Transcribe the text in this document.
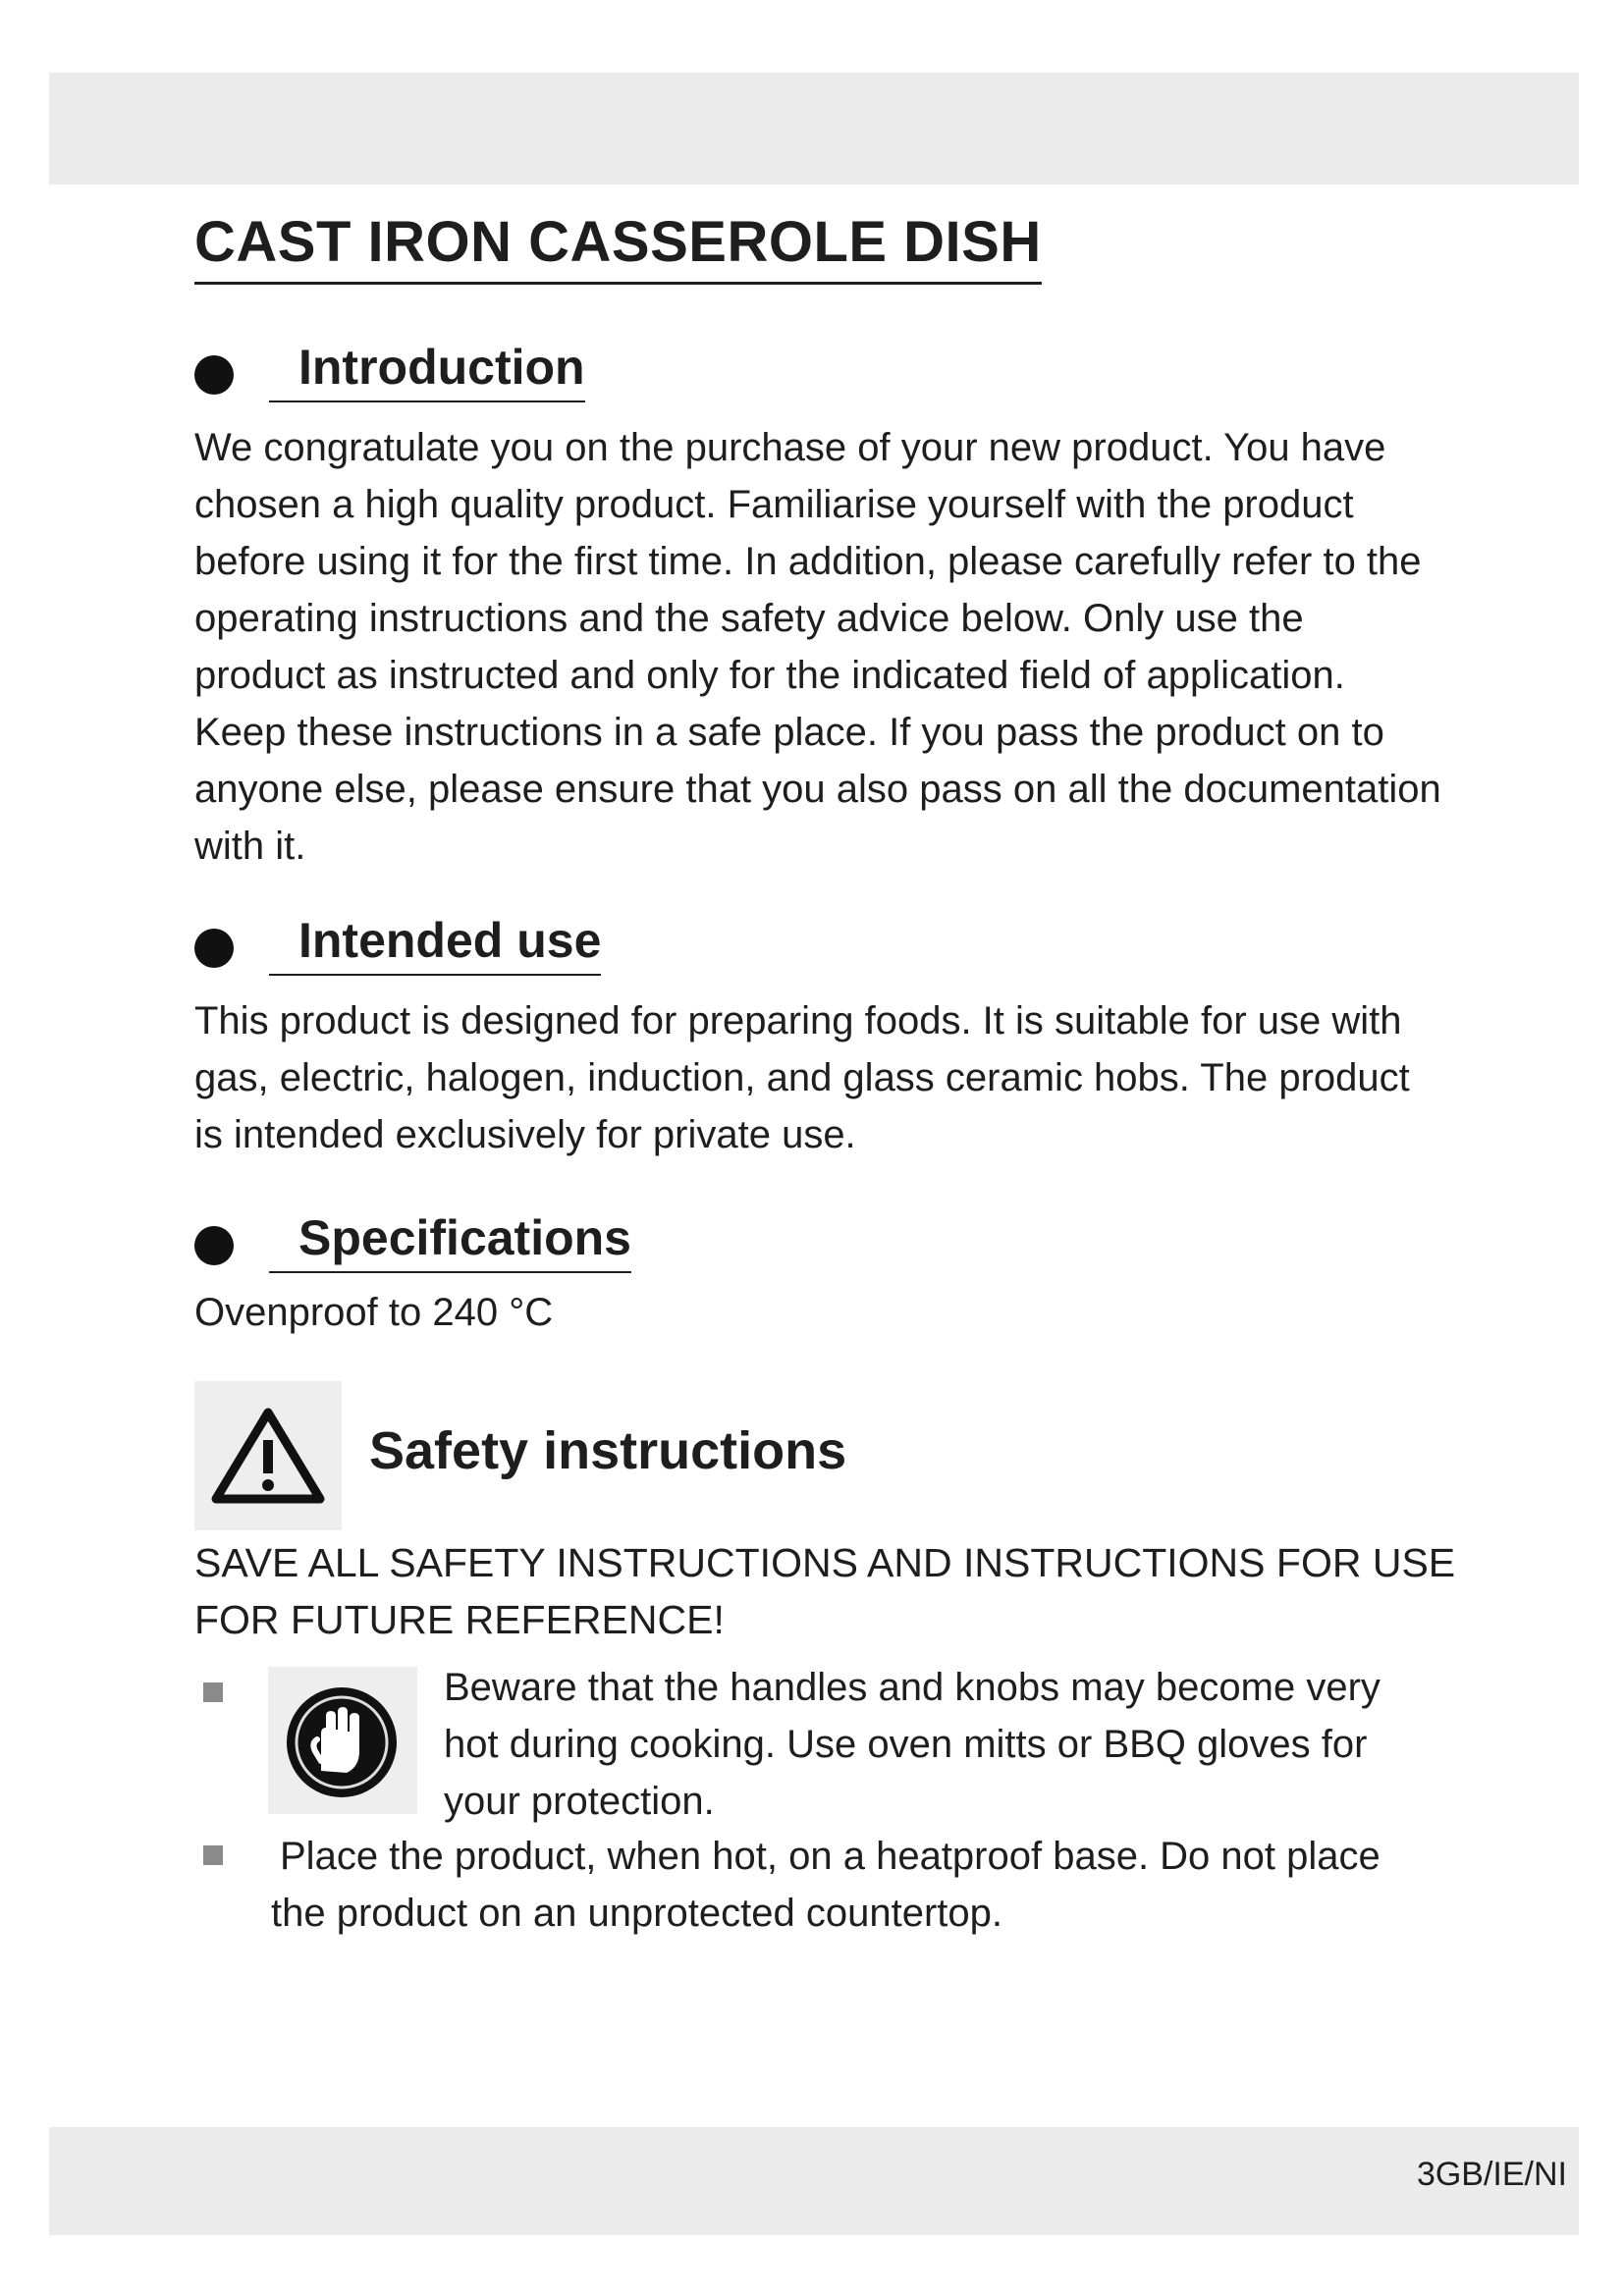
CAST IRON CASSEROLE DISH
Introduction

We congratulate you on the purchase of your new product. You have chosen a high quality product. Familiarise yourself with the product before using it for the first time. In addition, please carefully refer to the operating instructions and the safety advice below. Only use the product as instructed and only for the indicated field of application. Keep these instructions in a safe place. If you pass the product on to anyone else, please ensure that you also pass on all the documentation with it.

Intended use

This product is designed for preparing foods. It is suitable for use with gas, electric, halogen, induction, and glass ceramic hobs. The product is intended exclusively for private use.

Specifications

Ovenproof to 240 °C

Safety instructions

SAVE ALL SAFETY INSTRUCTIONS AND INSTRUCTIONS FOR USE FOR FUTURE REFERENCE!

Beware that the handles and knobs may become very hot during cooking. Use oven mitts or BBQ gloves for your protection.

Place the product, when hot, on a heatproof base. Do not place the product on an unprotected countertop.

3GB/IE/NI
